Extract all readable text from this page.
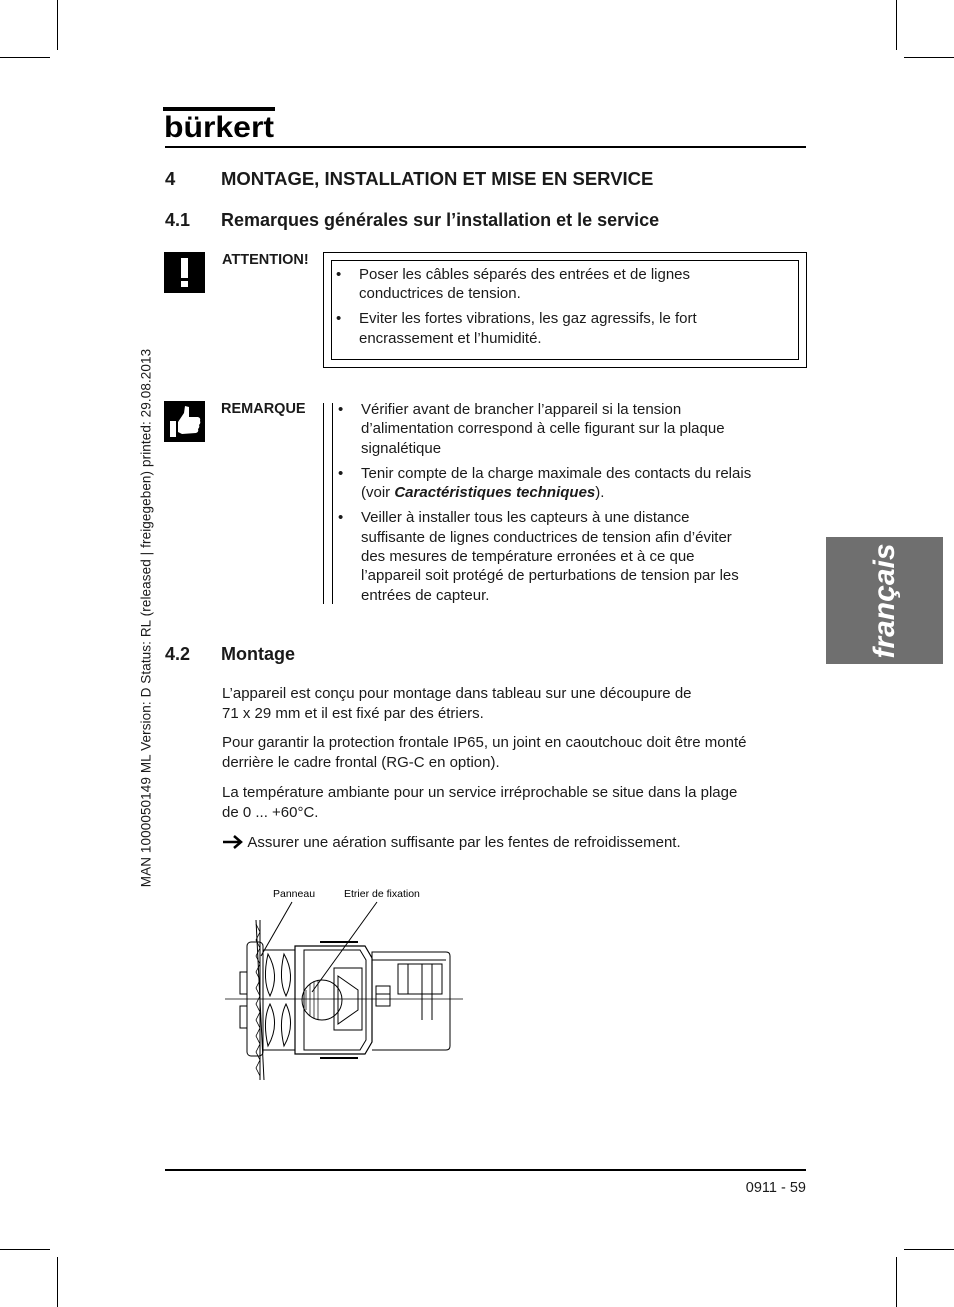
bürkert
MAN 1000050149 ML Version: D Status: RL (released | freigegeben) printed: 29.08.2013	français
4 MONTAGE, INSTALLATION ET MISE EN SERVICE
4.1 Remarques générales sur l’installation et le service
ATTENTION!
• Poser les câbles séparés des entrées et de lignes
conductrices de tension.
• Eviter les fortes vibrations, les gaz agressifs, le fort
encrassement et l’humidité.
REMARQUE • Vérifier avant de brancher l’appareil si la tension
d’alimentation correspond à celle figurant sur la plaque
signalétique
• Tenir compte de la charge maximale des contacts du relais
(voir Caractéristiques techniques).
• Veiller à installer tous les capteurs à une distance
suffisante de lignes conductrices de tension afin d’éviter
des mesures de température erronées et à ce que
l’appareil soit protégé de perturbations de tension par les
entrées de capteur.
4.2 Montage
L’appareil est conçu pour montage dans tableau sur une découpure de
71 x 29 mm et il est fixé par des étriers.
Pour garantir la protection frontale IP65, un joint en caoutchouc doit être monté
derrière le cadre frontal (RG-C en option).
La température ambiante pour un service irréprochable se situe dans la plage
de 0 ... +60°C.
Assurer une aération suffisante par les fentes de refroidissement.
Panneau	Etrier de fixation
0911 - 59
